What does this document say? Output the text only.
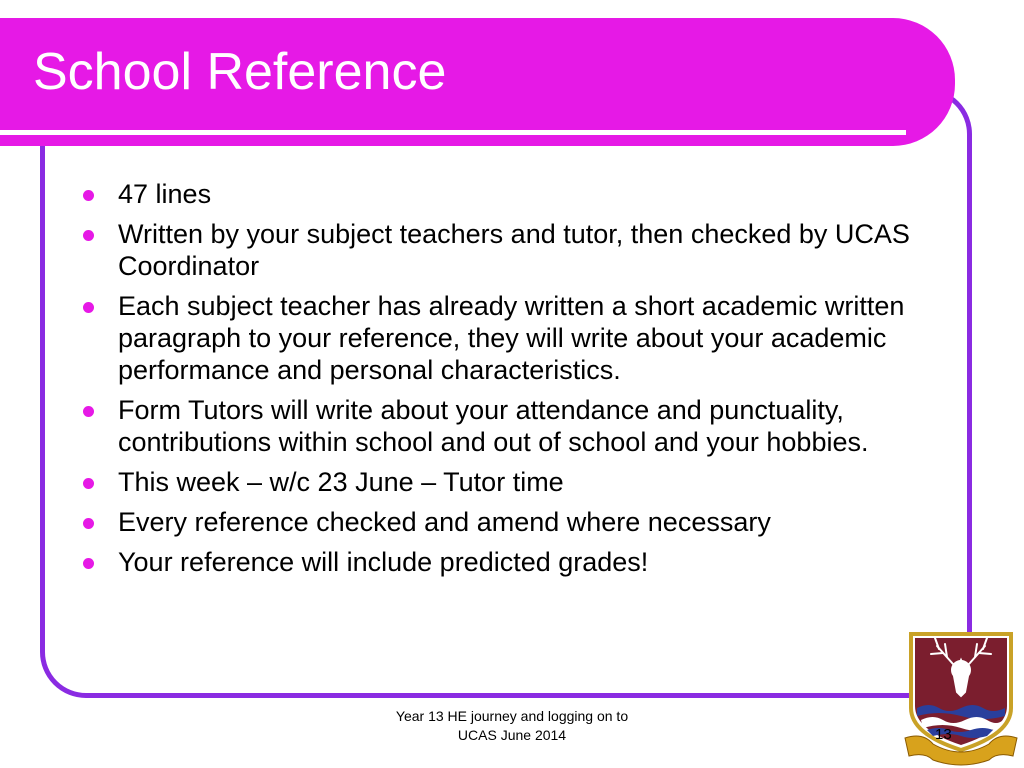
School Reference
47 lines
Written by your subject teachers and tutor, then checked by UCAS Coordinator
Each subject teacher has already written a short academic written paragraph to your reference, they will write about your academic performance and personal characteristics.
Form Tutors will write about your attendance and punctuality, contributions within school and out of school and your hobbies.
This week – w/c 23 June – Tutor time
Every reference checked and amend where necessary
Your reference will include predicted grades!
Year 13 HE journey and logging on to
UCAS June 2014	13
